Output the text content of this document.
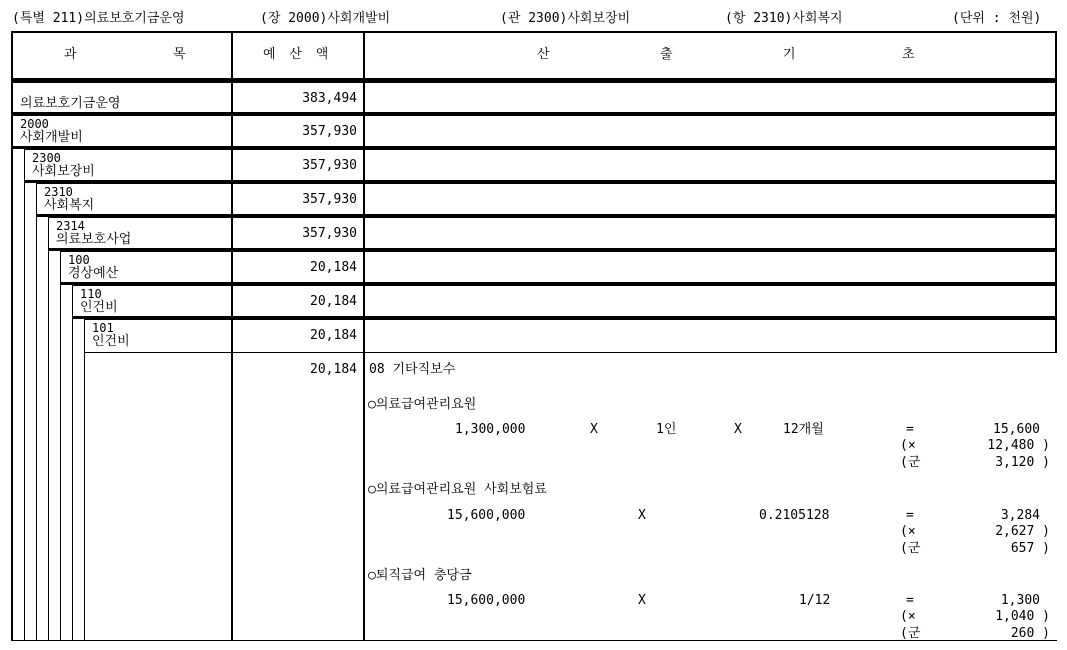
(특별 211)의료보호기금운영	(장 2000)사회개발비	(관 2300)사회보장비	(항 2310)사회복지	(단위 : 천원)
과	목	예 산 액	산	출	기	초
의료보호기금운영	383,494
2000
사회개발비	357,930
2300
사회보장비	357,930
2310
사회복지	357,930
2314
의료보호사업	357,930
100
경상예산	20,184
110
인건비	20,184
101
인건비	20,184
20,184 08 기타직보수
○의료급여관리요원
1,300,000	X	1인	X	12개월	=	15,600
(×	12,480 )
(군	3,120 )
○의료급여관리요원 사회보험료
15,600,000	X	0.2105128	=	3,284
(×	2,627 )
(군	657 )
○퇴직급여 충당금
15,600,000	X	1/12	=	1,300
(×	1,040 )
(군	260 )
